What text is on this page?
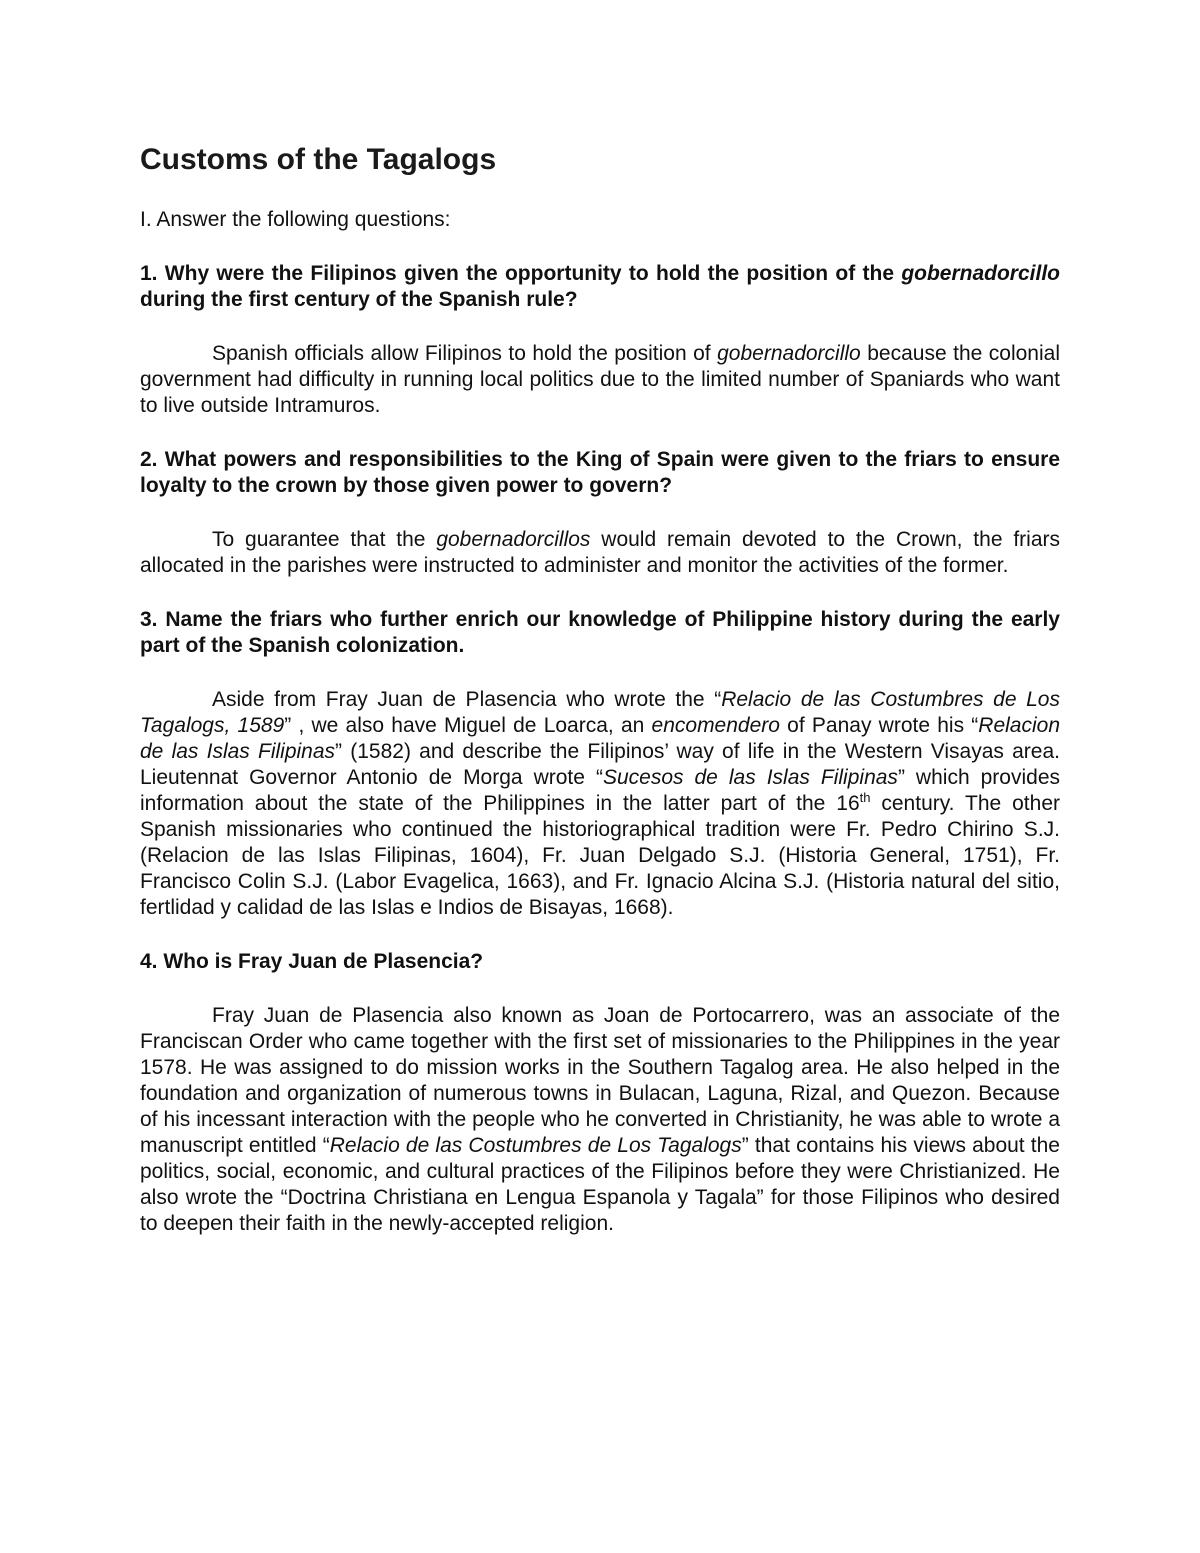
Customs of the Tagalogs

I. Answer the following questions:

1. Why were the Filipinos given the opportunity to hold the position of the gobernadorcillo during the first century of the Spanish rule?

Spanish officials allow Filipinos to hold the position of gobernadorcillo because the colonial government had difficulty in running local politics due to the limited number of Spaniards who want to live outside Intramuros.

2. What powers and responsibilities to the King of Spain were given to the friars to ensure loyalty to the crown by those given power to govern?

To guarantee that the gobernadorcillos would remain devoted to the Crown, the friars allocated in the parishes were instructed to administer and monitor the activities of the former.

3. Name the friars who further enrich our knowledge of Philippine history during the early part of the Spanish colonization.

Aside from Fray Juan de Plasencia who wrote the “Relacio de las Costumbres de Los Tagalogs, 1589” , we also have Miguel de Loarca, an encomendero of Panay wrote his “Relacion de las Islas Filipinas” (1582) and describe the Filipinos’ way of life in the Western Visayas area. Lieutennat Governor Antonio de Morga wrote “Sucesos de las Islas Filipinas” which provides information about the state of the Philippines in the latter part of the 16th century. The other Spanish missionaries who continued the historiographical tradition were Fr. Pedro Chirino S.J. (Relacion de las Islas Filipinas, 1604), Fr. Juan Delgado S.J. (Historia General, 1751), Fr. Francisco Colin S.J. (Labor Evagelica, 1663), and Fr. Ignacio Alcina S.J. (Historia natural del sitio, fertlidad y calidad de las Islas e Indios de Bisayas, 1668).

4. Who is Fray Juan de Plasencia?

Fray Juan de Plasencia also known as Joan de Portocarrero, was an associate of the Franciscan Order who came together with the first set of missionaries to the Philippines in the year 1578. He was assigned to do mission works in the Southern Tagalog area. He also helped in the foundation and organization of numerous towns in Bulacan, Laguna, Rizal, and Quezon. Because of his incessant interaction with the people who he converted in Christianity, he was able to wrote a manuscript entitled “Relacio de las Costumbres de Los Tagalogs” that contains his views about the politics, social, economic, and cultural practices of the Filipinos before they were Christianized. He also wrote the “Doctrina Christiana en Lengua Espanola y Tagala” for those Filipinos who desired to deepen their faith in the newly-accepted religion.
